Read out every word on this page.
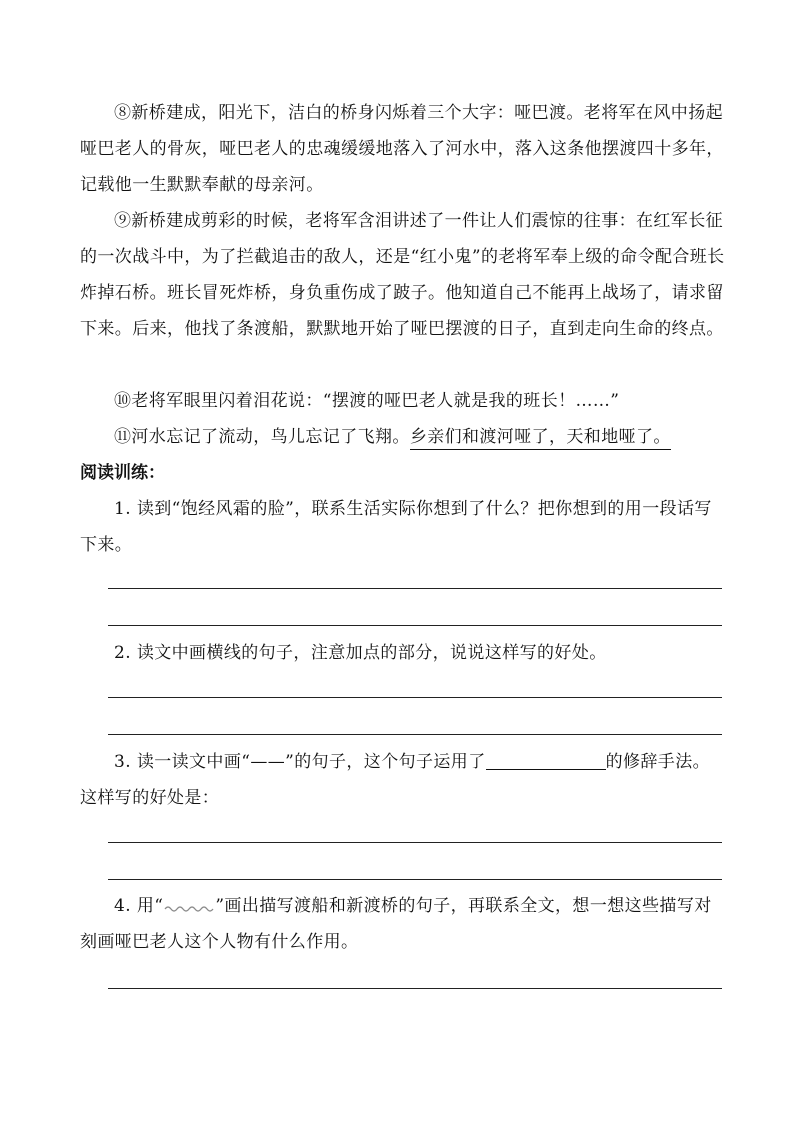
⑧新桥建成，阳光下，洁白的桥身闪烁着三个大字：哑巴渡。老将军在风中扬起哑巴老人的骨灰，哑巴老人的忠魂缓缓地落入了河水中，落入这条他摆渡四十多年，记载他一生默默奉献的母亲河。
⑨新桥建成剪彩的时候，老将军含泪讲述了一件让人们震惊的往事：在红军长征的一次战斗中，为了拦截追击的敌人，还是“红小鬼”的老将军奉上级的命令配合班长炸掉石桥。班长冒死炸桥，身负重伤成了跛子。他知道自己不能再上战场了，请求留下来。后来，他找了条渡船，默默地开始了哑巴摆渡的日子，直到走向生命的终点。
⑩老将军眼里闪着泪花说：“摆渡的哑巴老人就是我的班长！……”
⑪河水忘记了流动，鸟儿忘记了飞翔。乡亲们和渡河哑了，天和地哑了。
阅读训练：
1. 读到“饱经风霜的脸”，联系生活实际你想到了什么？把你想到的用一段话写下来。
2. 读文中画横线的句子，注意加点的部分，说说这样写的好处。
3. 读一读文中画“——”的句子，这个句子运用了	的修辞手法。这样写的好处是：
4. 用“	”画出描写渡船和新渡桥的句子，再联系全文，想一想这些描写对刻画哑巴老人这个人物有什么作用。
